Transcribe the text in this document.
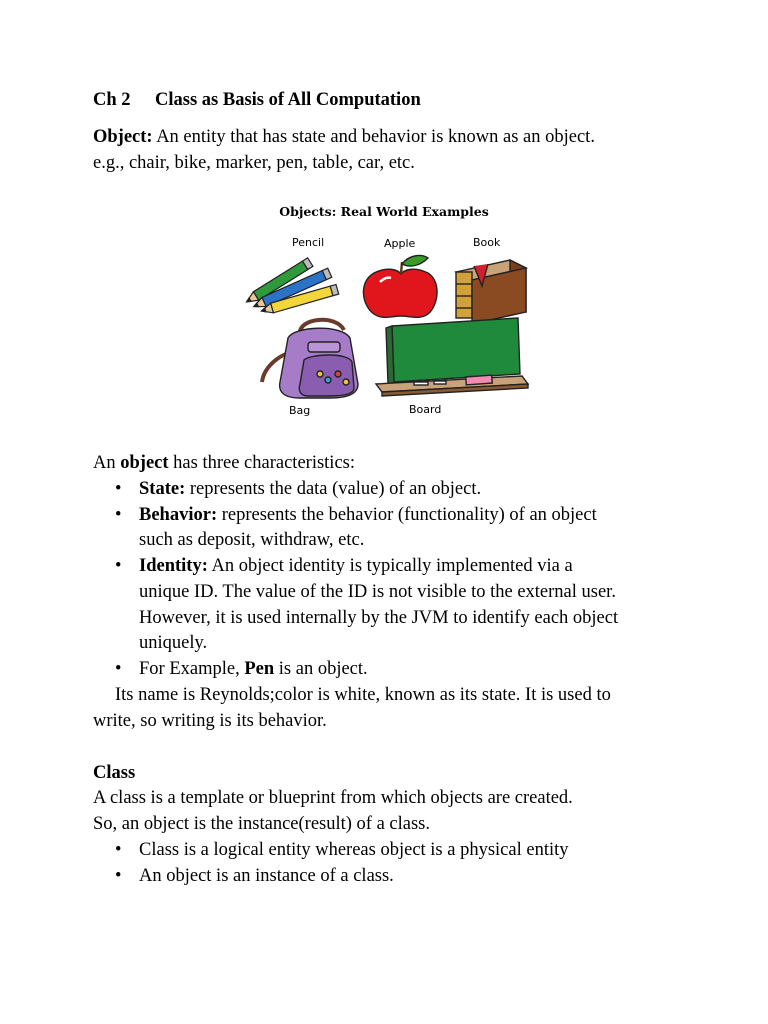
Ch 2 Class as Basis of All Computation
Object: An entity that has state and behavior is known as an object.
e.g., chair, bike, marker, pen, table, car, etc.
Objects: Real World Examples
Pencil	Apple	Book
Bag	Board
An object has three characteristics:
• State: represents the data (value) of an object.
• Behavior: represents the behavior (functionality) of an object
such as deposit, withdraw, etc.
• Identity: An object identity is typically implemented via a
unique ID. The value of the ID is not visible to the external user.
However, it is used internally by the JVM to identify each object
uniquely.
• For Example, Pen is an object.
Its name is Reynolds;color is white, known as its state. It is used to
write, so writing is its behavior.
Class
A class is a template or blueprint from which objects are created.
So, an object is the instance(result) of a class.
• Class is a logical entity whereas object is a physical entity
• An object is an instance of a class.
